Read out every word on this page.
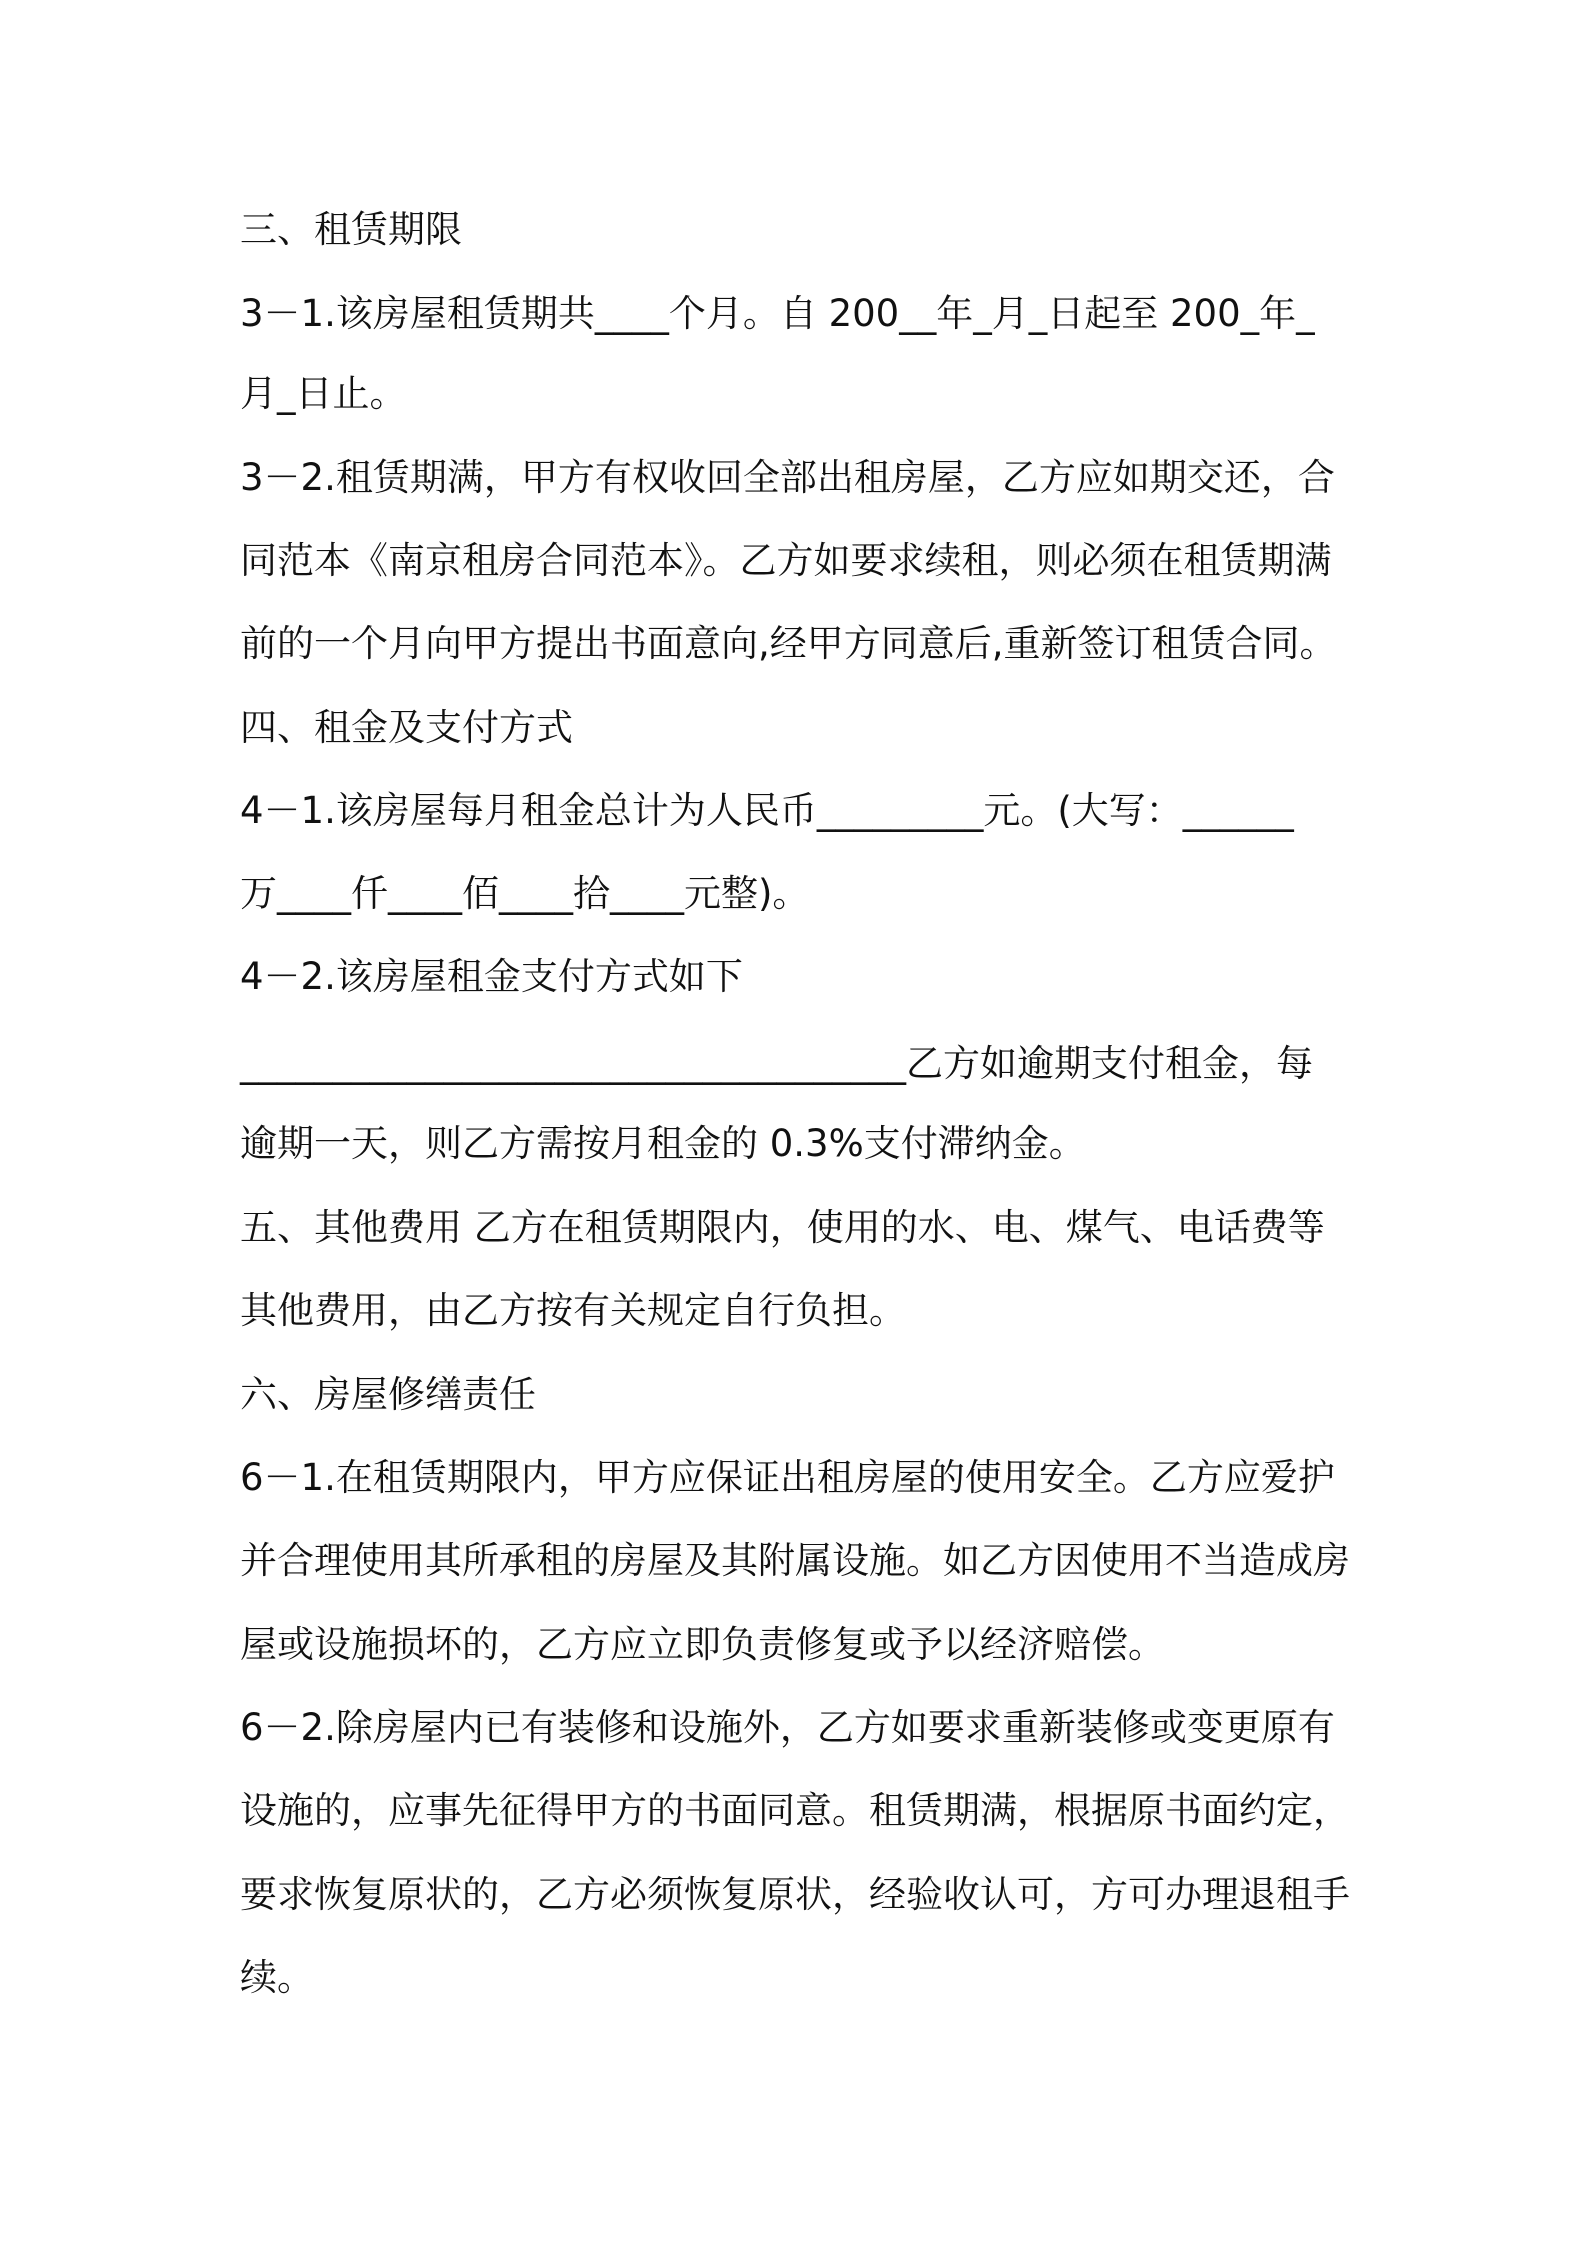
三、租赁期限

3－1.该房屋租赁期共____个月。自 200__年_月_日起至 200_年_

月_日止。

3－2.租赁期满，甲方有权收回全部出租房屋，乙方应如期交还，合

同范本《南京租房合同范本》。乙方如要求续租，则必须在租赁期满

前的一个月向甲方提出书面意向,经甲方同意后,重新签订租赁合同。

四、租金及支付方式

4－1.该房屋每月租金总计为人民币_________元。(大写：______

万____仟____佰____拾____元整)。

4－2.该房屋租金支付方式如下

____________________________________乙方如逾期支付租金，每

逾期一天，则乙方需按月租金的 0.3%支付滞纳金。

五、其他费用 乙方在租赁期限内，使用的水、电、煤气、电话费等

其他费用，由乙方按有关规定自行负担。

六、房屋修缮责任

6－1.在租赁期限内，甲方应保证出租房屋的使用安全。乙方应爱护

并合理使用其所承租的房屋及其附属设施。如乙方因使用不当造成房

屋或设施损坏的，乙方应立即负责修复或予以经济赔偿。

6－2.除房屋内已有装修和设施外，乙方如要求重新装修或变更原有

设施的，应事先征得甲方的书面同意。租赁期满，根据原书面约定，

要求恢复原状的，乙方必须恢复原状，经验收认可，方可办理退租手

续。
